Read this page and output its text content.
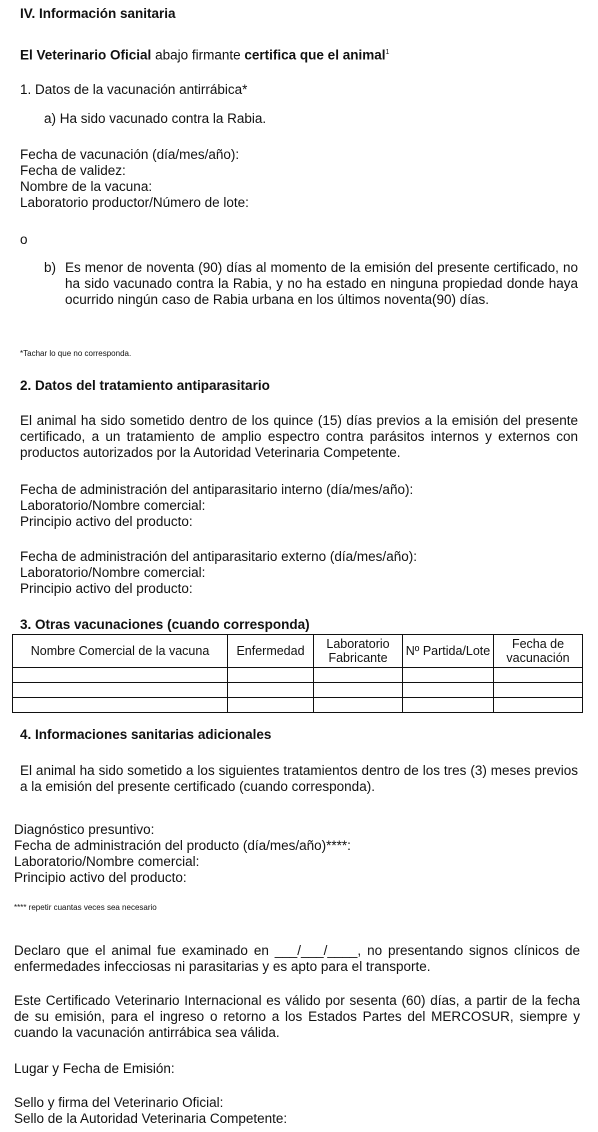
IV. Información sanitaria
El Veterinario Oficial abajo firmante certifica que el animal$^1$
1. Datos de la vacunación antirrábica*
a) Ha sido vacunado contra la Rabia.
Fecha de vacunación (día/mes/año):
Fecha de validez:
Nombre de la vacuna:
Laboratorio productor/Número de lote:
o
b) Es menor de noventa (90) días al momento de la emisión del presente certificado, no ha sido vacunado contra la Rabia, y no ha estado en ninguna propiedad donde haya ocurrido ningún caso de Rabia urbana en los últimos noventa(90) días.
*Tachar lo que no corresponda.
2. Datos del tratamiento antiparasitario
El animal ha sido sometido dentro de los quince (15) días previos a la emisión del presente certificado, a un tratamiento de amplio espectro contra parásitos internos y externos con productos autorizados por la Autoridad Veterinaria Competente.
Fecha de administración del antiparasitario interno (día/mes/año):
Laboratorio/Nombre comercial:
Principio activo del producto:
Fecha de administración del antiparasitario externo (día/mes/año):
Laboratorio/Nombre comercial:
Principio activo del producto:
3. Otras vacunaciones (cuando corresponda)
Nombre Comercial de la vacuna	Enfermedad	Laboratorio Fabricante	Nº Partida/Lote	Fecha de vacunación

4. Informaciones sanitarias adicionales
El animal ha sido sometido a los siguientes tratamientos dentro de los tres (3) meses previos a la emisión del presente certificado (cuando corresponda).
Diagnóstico presuntivo:
Fecha de administración del producto (día/mes/año)****:
Laboratorio/Nombre comercial:
Principio activo del producto:
**** repetir cuantas veces sea necesario
Declaro que el animal fue examinado en ___/___/____, no presentando signos clínicos de enfermedades infecciosas ni parasitarias y es apto para el transporte.
Este Certificado Veterinario Internacional es válido por sesenta (60) días, a partir de la fecha de su emisión, para el ingreso o retorno a los Estados Partes del MERCOSUR, siempre y cuando la vacunación antirrábica sea válida.
Lugar y Fecha de Emisión:
Sello y firma del Veterinario Oficial:
Sello de la Autoridad Veterinaria Competente:
